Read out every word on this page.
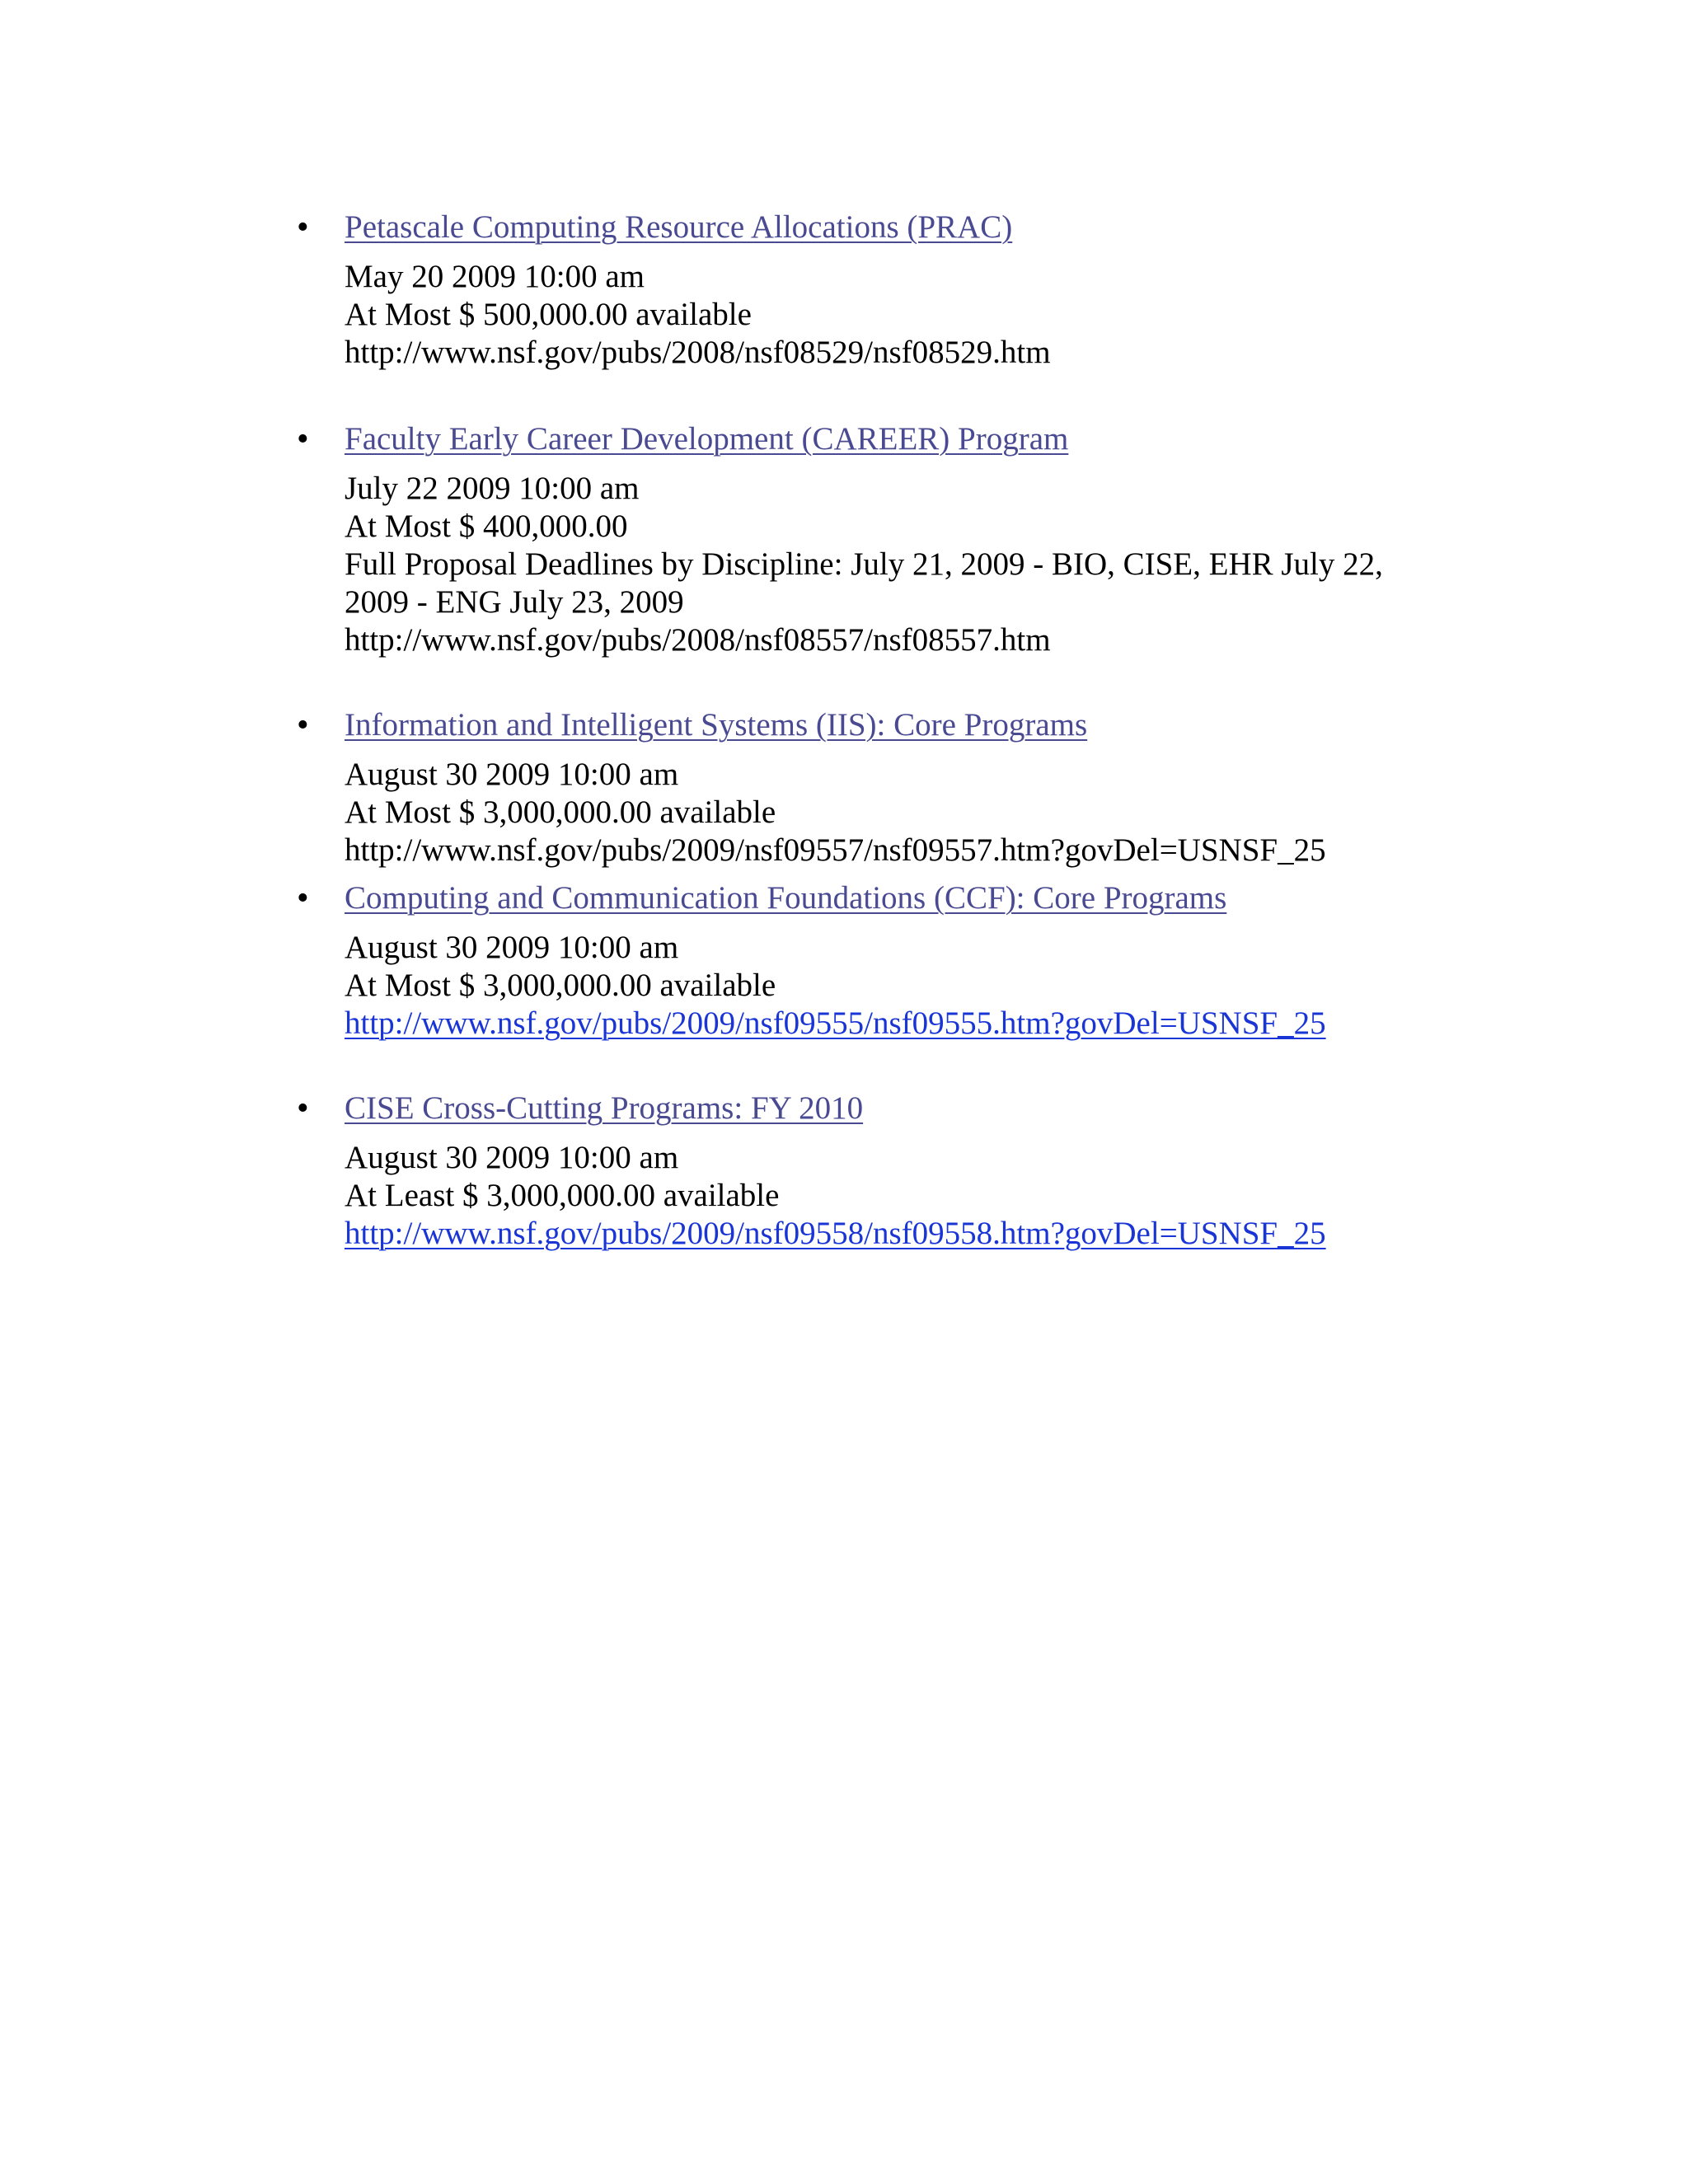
•	Petascale Computing Resource Allocations (PRAC)
May 20 2009 10:00 am
At Most $ 500,000.00 available
http://www.nsf.gov/pubs/2008/nsf08529/nsf08529.htm
•	Faculty Early Career Development (CAREER) Program
July 22 2009 10:00 am
At Most $ 400,000.00
Full Proposal Deadlines by Discipline: July 21, 2009 - BIO, CISE, EHR July 22, 2009 - ENG July 23, 2009
http://www.nsf.gov/pubs/2008/nsf08557/nsf08557.htm
•	Information and Intelligent Systems (IIS): Core Programs
August 30 2009 10:00 am
At Most $ 3,000,000.00 available
http://www.nsf.gov/pubs/2009/nsf09557/nsf09557.htm?govDel=USNSF_25
•	Computing and Communication Foundations (CCF): Core Programs
August 30 2009 10:00 am
At Most $ 3,000,000.00 available
http://www.nsf.gov/pubs/2009/nsf09555/nsf09555.htm?govDel=USNSF_25
•	CISE Cross-Cutting Programs: FY 2010
August 30 2009 10:00 am
At Least $ 3,000,000.00 available
http://www.nsf.gov/pubs/2009/nsf09558/nsf09558.htm?govDel=USNSF_25
